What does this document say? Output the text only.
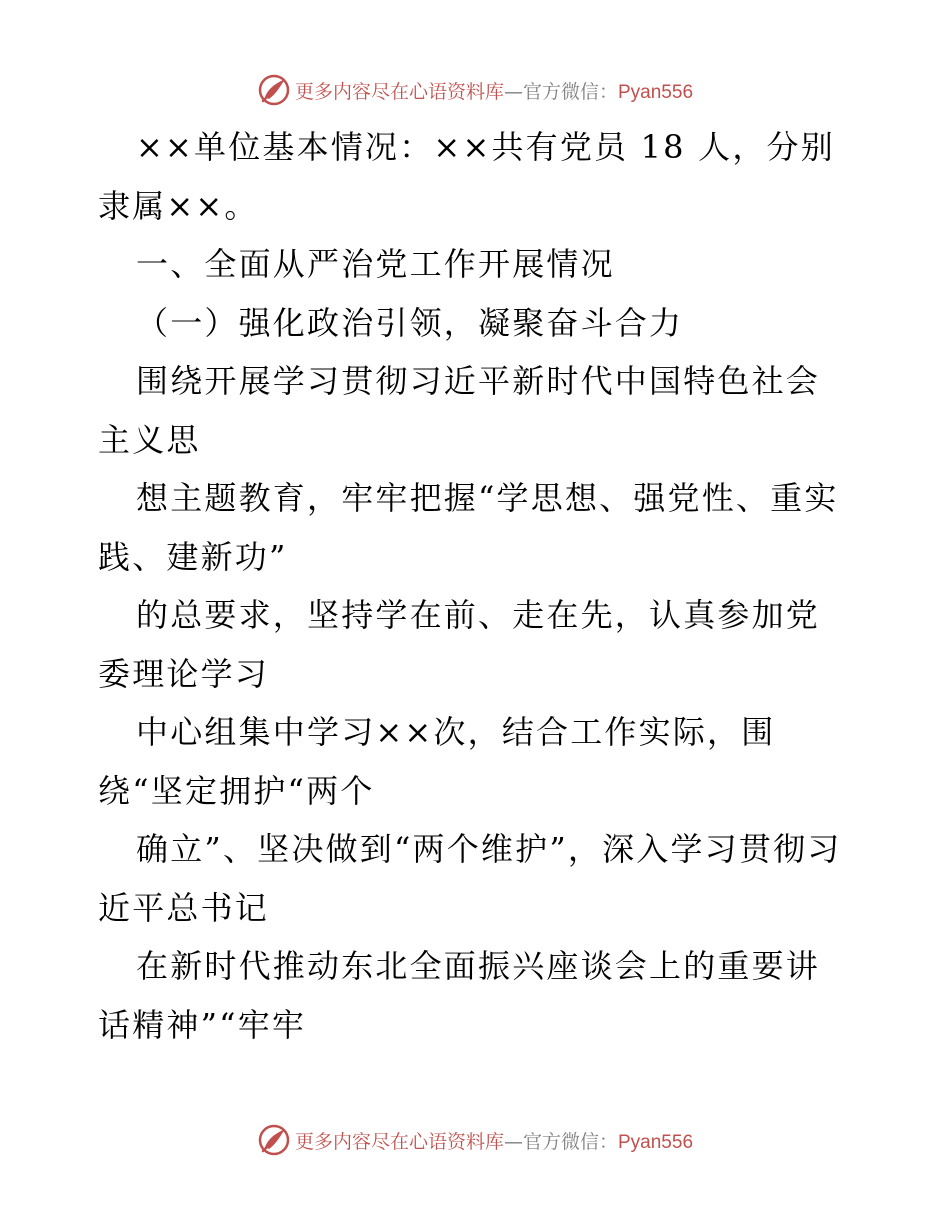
更多内容尽在心语资料库—官方微信：Pyan556

××单位基本情况：××共有党员 18 人，分别隶属××。

一、全面从严治党工作开展情况

（一）强化政治引领，凝聚奋斗合力

围绕开展学习贯彻习近平新时代中国特色社会主义思

想主题教育，牢牢把握“学思想、强党性、重实践、建新功”

的总要求，坚持学在前、走在先，认真参加党委理论学习

中心组集中学习××次，结合工作实际，围绕“坚定拥护“两个

确立”、坚决做到“两个维护”，深入学习贯彻习近平总书记

在新时代推动东北全面振兴座谈会上的重要讲话精神”“牢牢

更多内容尽在心语资料库—官方微信：Pyan556
